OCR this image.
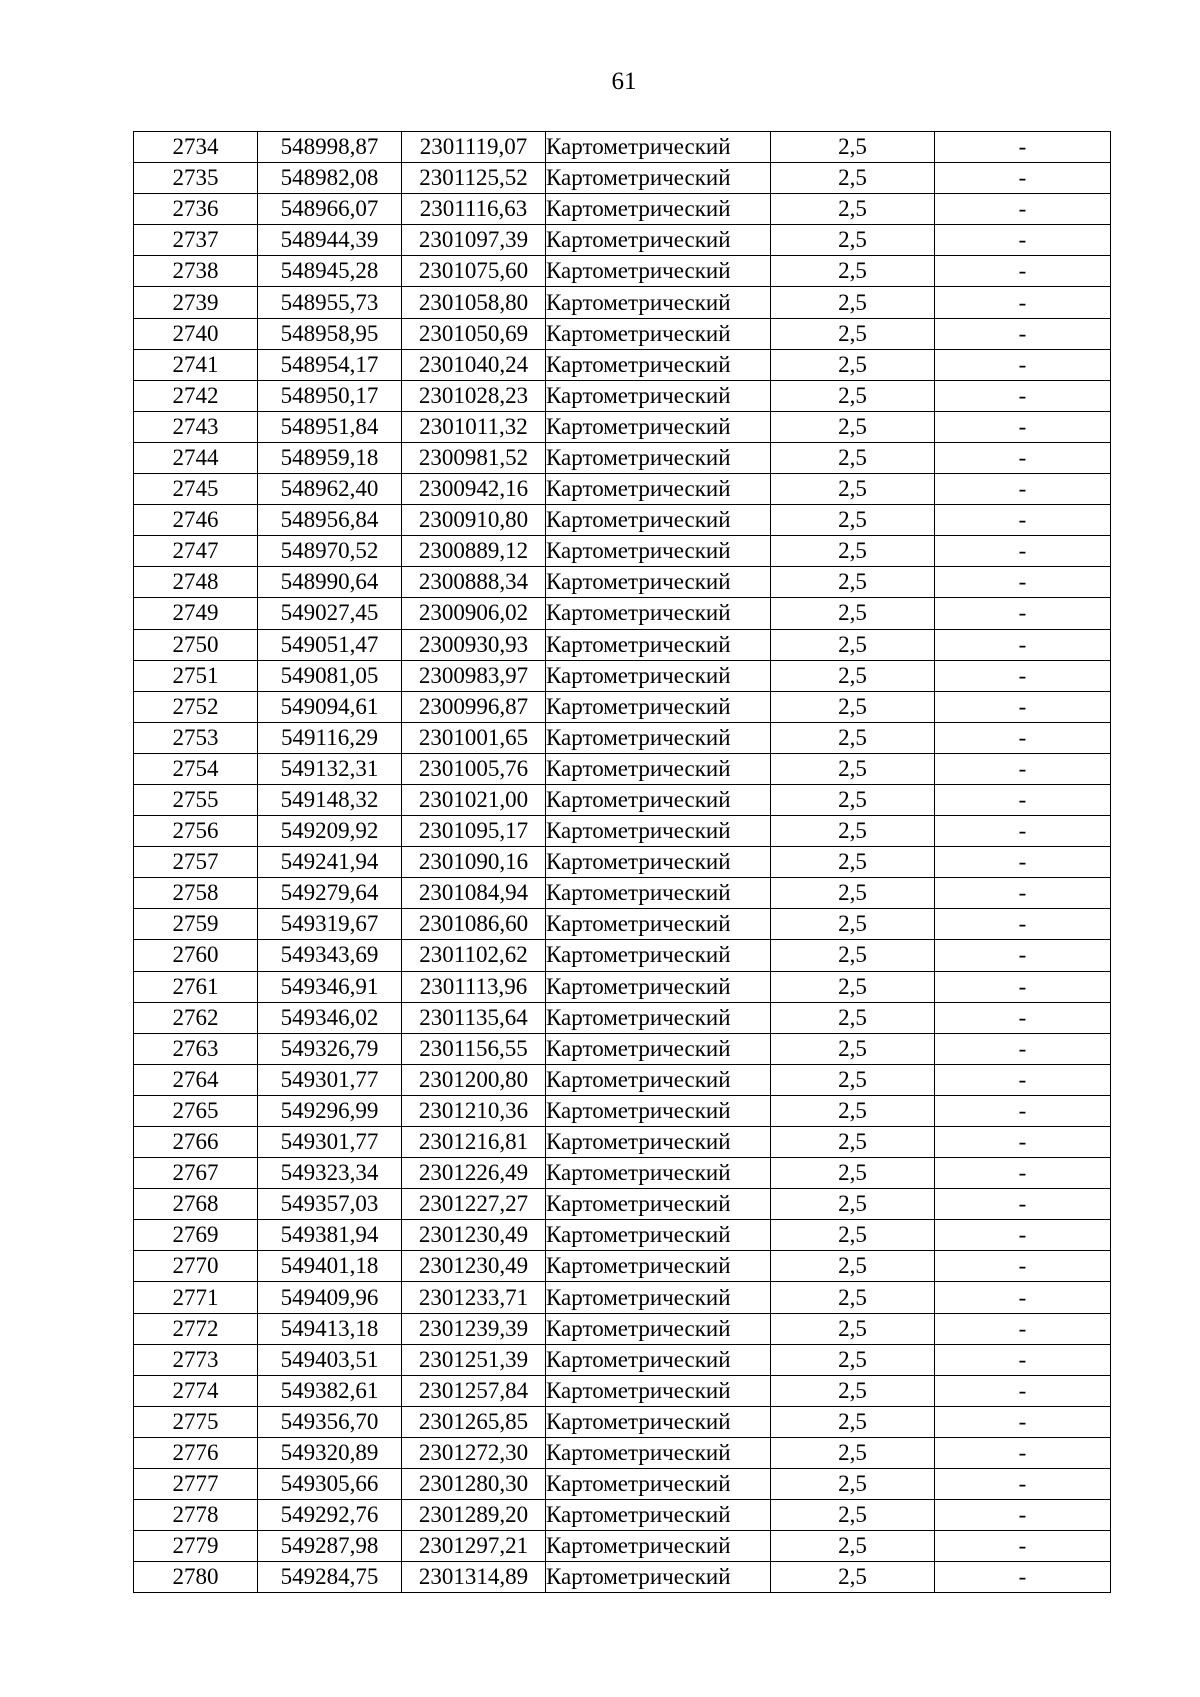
61
2734	548998,87	2301119,07	Картометрический	2,5	-
2735	548982,08	2301125,52	Картометрический	2,5	-
2736	548966,07	2301116,63	Картометрический	2,5	-
2737	548944,39	2301097,39	Картометрический	2,5	-
2738	548945,28	2301075,60	Картометрический	2,5	-
2739	548955,73	2301058,80	Картометрический	2,5	-
2740	548958,95	2301050,69	Картометрический	2,5	-
2741	548954,17	2301040,24	Картометрический	2,5	-
2742	548950,17	2301028,23	Картометрический	2,5	-
2743	548951,84	2301011,32	Картометрический	2,5	-
2744	548959,18	2300981,52	Картометрический	2,5	-
2745	548962,40	2300942,16	Картометрический	2,5	-
2746	548956,84	2300910,80	Картометрический	2,5	-
2747	548970,52	2300889,12	Картометрический	2,5	-
2748	548990,64	2300888,34	Картометрический	2,5	-
2749	549027,45	2300906,02	Картометрический	2,5	-
2750	549051,47	2300930,93	Картометрический	2,5	-
2751	549081,05	2300983,97	Картометрический	2,5	-
2752	549094,61	2300996,87	Картометрический	2,5	-
2753	549116,29	2301001,65	Картометрический	2,5	-
2754	549132,31	2301005,76	Картометрический	2,5	-
2755	549148,32	2301021,00	Картометрический	2,5	-
2756	549209,92	2301095,17	Картометрический	2,5	-
2757	549241,94	2301090,16	Картометрический	2,5	-
2758	549279,64	2301084,94	Картометрический	2,5	-
2759	549319,67	2301086,60	Картометрический	2,5	-
2760	549343,69	2301102,62	Картометрический	2,5	-
2761	549346,91	2301113,96	Картометрический	2,5	-
2762	549346,02	2301135,64	Картометрический	2,5	-
2763	549326,79	2301156,55	Картометрический	2,5	-
2764	549301,77	2301200,80	Картометрический	2,5	-
2765	549296,99	2301210,36	Картометрический	2,5	-
2766	549301,77	2301216,81	Картометрический	2,5	-
2767	549323,34	2301226,49	Картометрический	2,5	-
2768	549357,03	2301227,27	Картометрический	2,5	-
2769	549381,94	2301230,49	Картометрический	2,5	-
2770	549401,18	2301230,49	Картометрический	2,5	-
2771	549409,96	2301233,71	Картометрический	2,5	-
2772	549413,18	2301239,39	Картометрический	2,5	-
2773	549403,51	2301251,39	Картометрический	2,5	-
2774	549382,61	2301257,84	Картометрический	2,5	-
2775	549356,70	2301265,85	Картометрический	2,5	-
2776	549320,89	2301272,30	Картометрический	2,5	-
2777	549305,66	2301280,30	Картометрический	2,5	-
2778	549292,76	2301289,20	Картометрический	2,5	-
2779	549287,98	2301297,21	Картометрический	2,5	-
2780	549284,75	2301314,89	Картометрический	2,5	-
